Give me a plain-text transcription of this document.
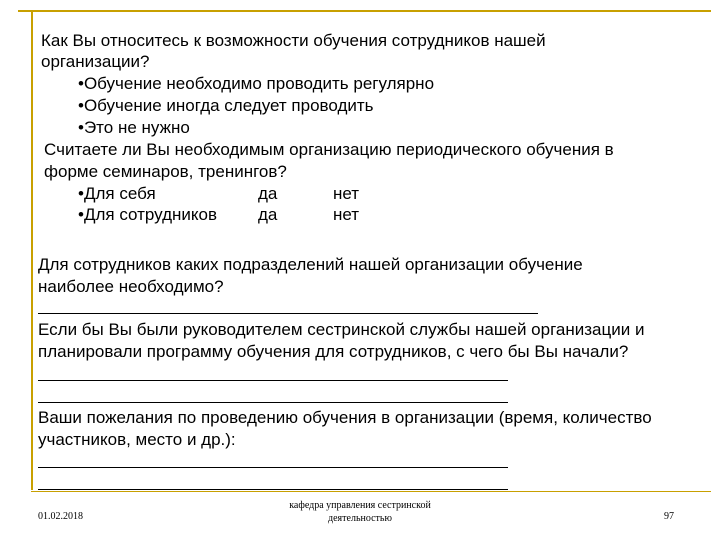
Как Вы относитесь к возможности обучения сотрудников нашей
организации?
•Обучение необходимо проводить регулярно
•Обучение иногда следует проводить
•Это не нужно
Считаете ли Вы необходимым организацию периодического обучения в
форме семинаров, тренингов?
•Для себя	да	нет
•Для сотрудников да	нет
Для сотрудников каких подразделений нашей организации обучение
наиболее необходимо?
Если бы Вы были руководителем сестринской службы нашей организации и
планировали программу обучения для сотрудников, с чего бы Вы начали?
Ваши пожелания по проведению обучения в организации (время, количество
участников, место и др.):
01.02.2018
кафедра управления сестринской
деятельностью	97
